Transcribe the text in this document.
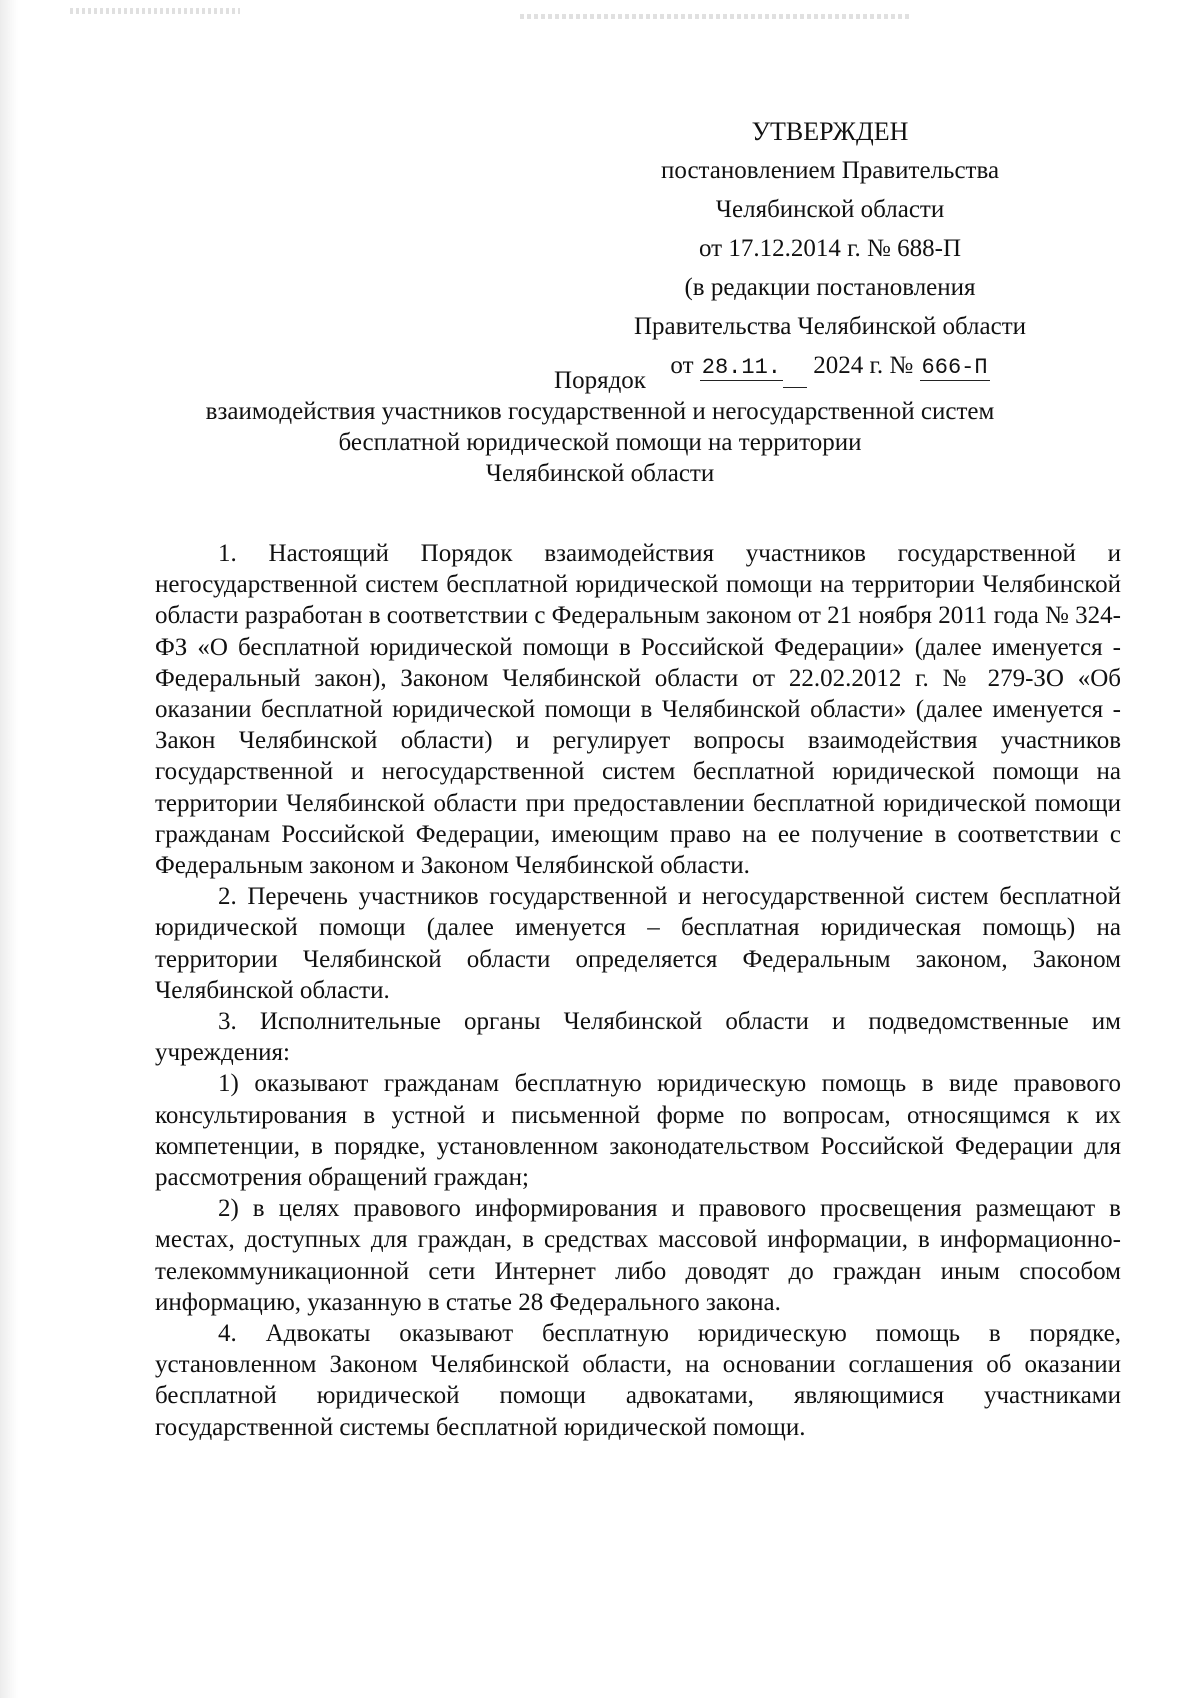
УТВЕРЖДЕН
постановлением Правительства
Челябинской области
от 17.12.2014 г. № 688-П
(в редакции постановления
Правительства Челябинской области
от 28.11. 2024 г. № 666-П
Порядок
взаимодействия участников государственной и негосударственной систем
бесплатной юридической помощи на территории
Челябинской области

1. Настоящий Порядок взаимодействия участников государственной и негосударственной систем бесплатной юридической помощи на территории Челябинской области разработан в соответствии с Федеральным законом от 21 ноября 2011 года № 324-ФЗ «О бесплатной юридической помощи в Российской Федерации» (далее именуется - Федеральный закон), Законом Челябинской области от 22.02.2012 г. № 279-ЗО «Об оказании бесплатной юридической помощи в Челябинской области» (далее именуется - Закон Челябинской области) и регулирует вопросы взаимодействия участников государственной и негосударственной систем бесплатной юридической помощи на территории Челябинской области при предоставлении бесплатной юридической помощи гражданам Российской Федерации, имеющим право на ее получение в соответствии с Федеральным законом и Законом Челябинской области.

2. Перечень участников государственной и негосударственной систем бесплатной юридической помощи (далее именуется – бесплатная юридическая помощь) на территории Челябинской области определяется Федеральным законом, Законом Челябинской области.

3. Исполнительные органы Челябинской области и подведомственные им учреждения:

1) оказывают гражданам бесплатную юридическую помощь в виде правового консультирования в устной и письменной форме по вопросам, относящимся к их компетенции, в порядке, установленном законодательством Российской Федерации для рассмотрения обращений граждан;

2) в целях правового информирования и правового просвещения размещают в местах, доступных для граждан, в средствах массовой информации, в информационно-телекоммуникационной сети Интернет либо доводят до граждан иным способом информацию, указанную в статье 28 Федерального закона.

4. Адвокаты оказывают бесплатную юридическую помощь в порядке, установленном Законом Челябинской области, на основании соглашения об оказании бесплатной юридической помощи адвокатами, являющимися участниками государственной системы бесплатной юридической помощи.
